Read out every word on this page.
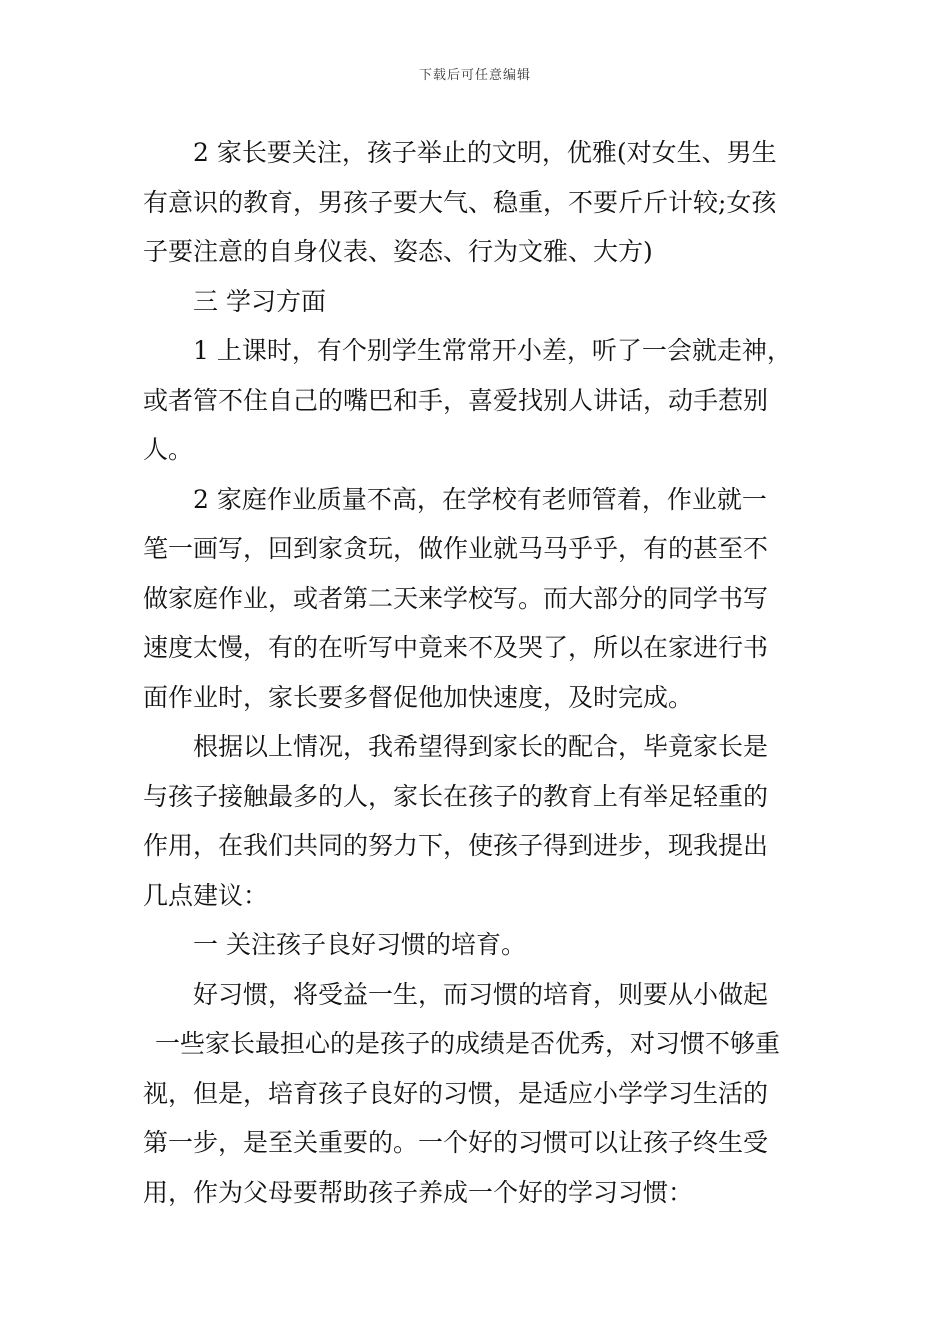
下载后可任意编辑
2 家长要关注，孩子举止的文明，优雅(对女生、男生
有意识的教育，男孩子要大气、稳重，不要斤斤计较;女孩
子要注意的自身仪表、姿态、行为文雅、大方)
三 学习方面
1 上课时，有个别学生常常开小差，听了一会就走神，
或者管不住自己的嘴巴和手，喜爱找别人讲话，动手惹别
人。
2 家庭作业质量不高，在学校有老师管着，作业就一
笔一画写，回到家贪玩，做作业就马马乎乎，有的甚至不
做家庭作业，或者第二天来学校写。而大部分的同学书写
速度太慢，有的在听写中竟来不及哭了，所以在家进行书
面作业时，家长要多督促他加快速度，及时完成。
根据以上情况，我希望得到家长的配合，毕竟家长是
与孩子接触最多的人，家长在孩子的教育上有举足轻重的
作用，在我们共同的努力下，使孩子得到进步，现我提出
几点建议：
一 关注孩子良好习惯的培育。
好习惯，将受益一生，而习惯的培育，则要从小做起
一些家长最担心的是孩子的成绩是否优秀，对习惯不够重
视，但是，培育孩子良好的习惯，是适应小学学习生活的
第一步，是至关重要的。一个好的习惯可以让孩子终生受
用，作为父母要帮助孩子养成一个好的学习习惯：
